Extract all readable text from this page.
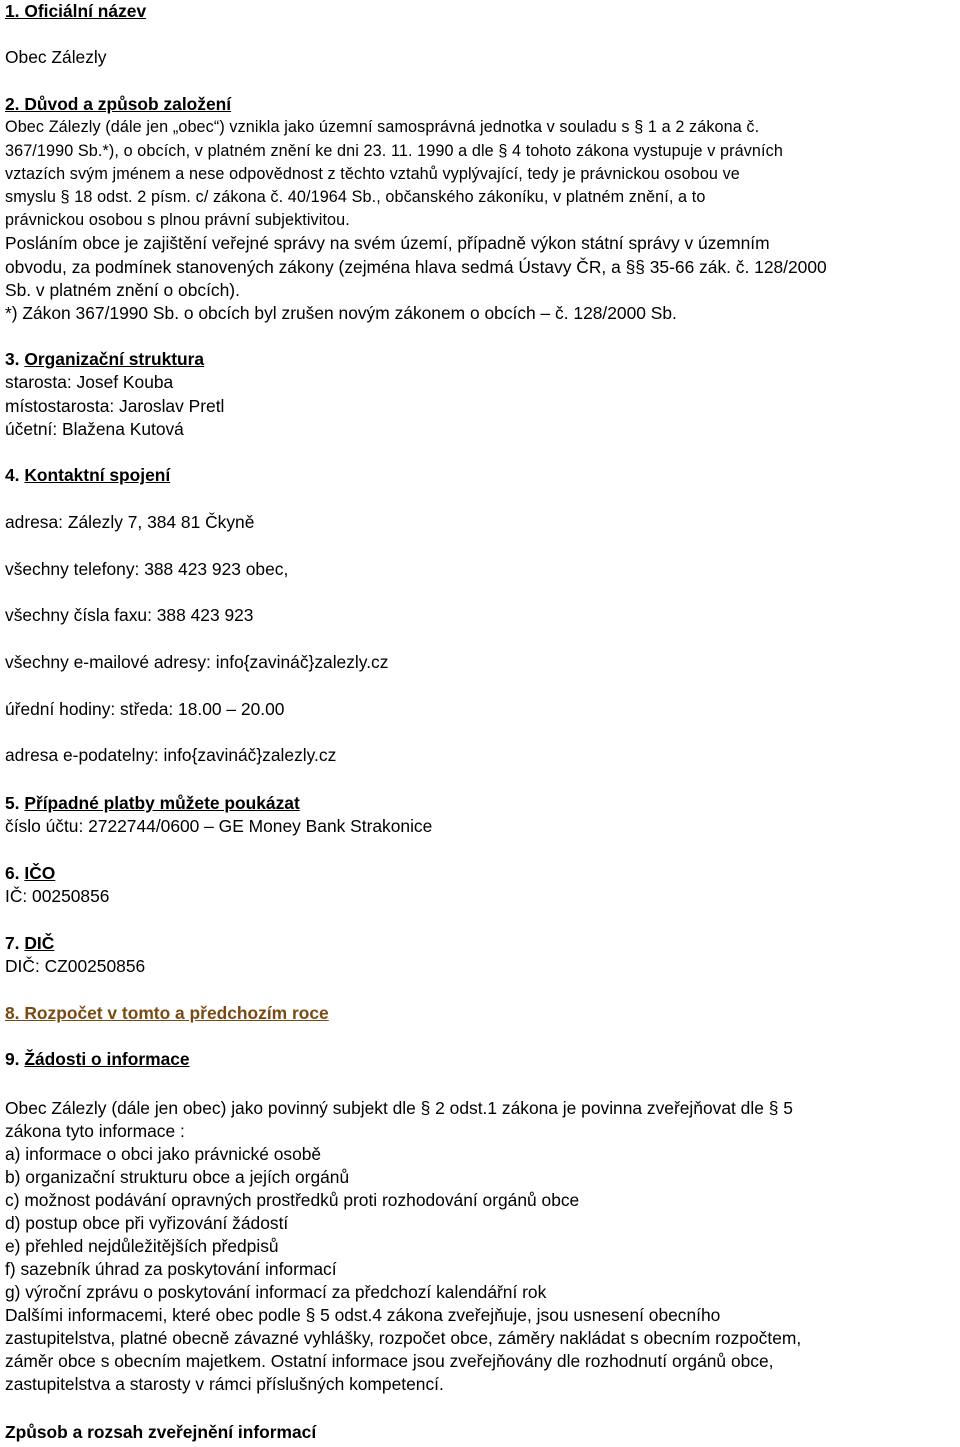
1. Oficiální název
Obec Zálezly
2. Důvod a způsob založení
Obec Zálezly (dále jen „obec“) vznikla jako územní samosprávná jednotka v souladu s § 1 a 2 zákona č.
367/1990 Sb.*), o obcích, v platném znění ke dni 23. 11. 1990 a dle § 4 tohoto zákona vystupuje v právních
vztazích svým jménem a nese odpovědnost z těchto vztahů vyplývající, tedy je právnickou osobou ve
smyslu § 18 odst. 2 písm. c/ zákona č. 40/1964 Sb., občanského zákoníku, v platném znění, a to
právnickou osobou s plnou právní subjektivitou.
Posláním obce je zajištění veřejné správy na svém území, případně výkon státní správy v územním
obvodu, za podmínek stanovených zákony (zejména hlava sedmá Ústavy ČR, a §§ 35-66 zák. č. 128/2000
Sb. v platném znění o obcích).
*) Zákon 367/1990 Sb. o obcích byl zrušen novým zákonem o obcích – č. 128/2000 Sb.
3. Organizační struktura
starosta: Josef Kouba
místostarosta: Jaroslav Pretl
účetní: Blažena Kutová
4. Kontaktní spojení
adresa: Zálezly 7, 384 81 Čkyně
všechny telefony: 388 423 923 obec,
všechny čísla faxu: 388 423 923
všechny e-mailové adresy: info{zavináč}zalezly.cz
úřední hodiny: středa: 18.00 – 20.00
adresa e-podatelny: info{zavináč}zalezly.cz
5. Případné platby můžete poukázat
číslo účtu: 2722744/0600 – GE Money Bank Strakonice
6. IČO
IČ: 00250856
7. DIČ
DIČ: CZ00250856
8. Rozpočet v tomto a předchozím roce
9. Žádosti o informace
Obec Zálezly (dále jen obec) jako povinný subjekt dle § 2 odst.1 zákona je povinna zveřejňovat dle § 5
zákona tyto informace :
a) informace o obci jako právnické osobě
b) organizační strukturu obce a jejích orgánů
c) možnost podávání opravných prostředků proti rozhodování orgánů obce
d) postup obce při vyřizování žádostí
e) přehled nejdůležitějších předpisů
f) sazebník úhrad za poskytování informací
g) výroční zprávu o poskytování informací za předchozí kalendářní rok
Dalšími informacemi, které obec podle § 5 odst.4 zákona zveřejňuje, jsou usnesení obecního
zastupitelstva, platné obecně závazné vyhlášky, rozpočet obce, záměry nakládat s obecním rozpočtem,
záměr obce s obecním majetkem. Ostatní informace jsou zveřejňovány dle rozhodnutí orgánů obce,
zastupitelstva a starosty v rámci příslušných kompetencí.
Způsob a rozsah zveřejnění informací
